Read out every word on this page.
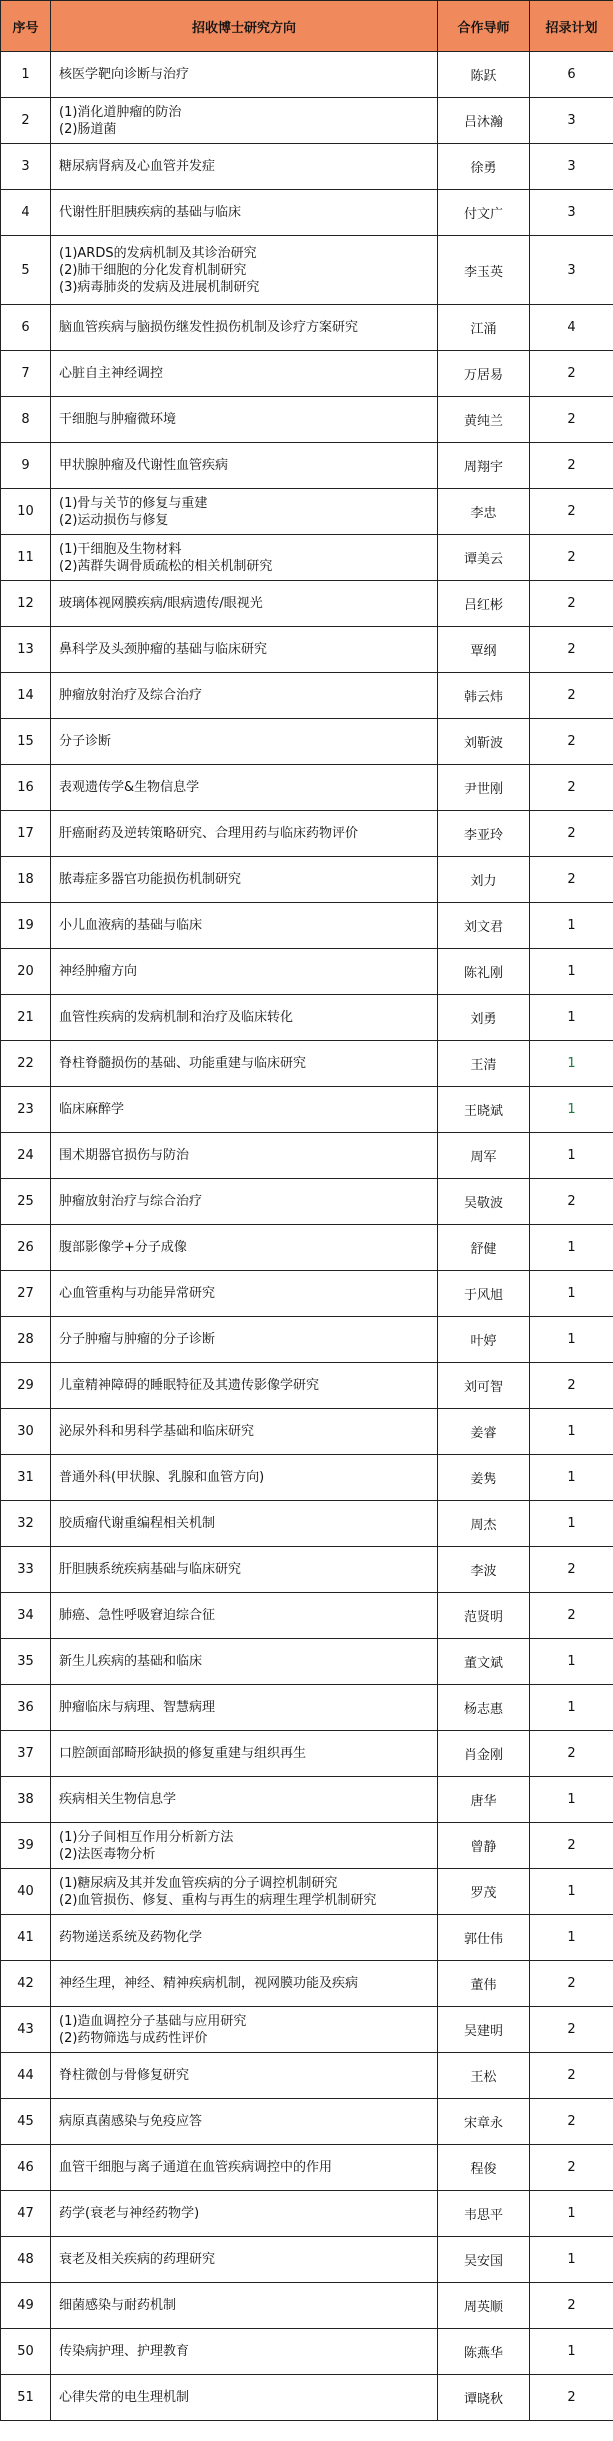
序号	招收博士研究方向	合作导师	招录计划
1	核医学靶向诊断与治疗	陈跃	6
2	(1)消化道肿瘤的防治
(2)肠道菌	吕沐瀚	3
3	糖尿病肾病及心血管并发症	徐勇	3
4	代谢性肝胆胰疾病的基础与临床	付文广	3
5	(1)ARDS的发病机制及其诊治研究
(2)肺干细胞的分化发育机制研究
(3)病毒肺炎的发病及进展机制研究	李玉英	3
6	脑血管疾病与脑损伤继发性损伤机制及诊疗方案研究	江涌	4
7	心脏自主神经调控	万居易	2
8	干细胞与肿瘤微环境	黄纯兰	2
9	甲状腺肿瘤及代谢性血管疾病	周翔宇	2
10	(1)骨与关节的修复与重建
(2)运动损伤与修复	李忠	2
11	(1)干细胞及生物材料
(2)茜群失调骨质疏松的相关机制研究	谭美云	2
12	玻璃体视网膜疾病/眼病遗传/眼视光	吕红彬	2
13	鼻科学及头颈肿瘤的基础与临床研究	覃纲	2
14	肿瘤放射治疗及综合治疗	韩云炜	2
15	分子诊断	刘靳波	2
16	表观遗传学&生物信息学	尹世刚	2
17	肝癌耐药及逆转策略研究、合理用药与临床药物评价	李亚玲	2
18	脓毒症多器官功能损伤机制研究	刘力	2
19	小儿血液病的基础与临床	刘文君	1
20	神经肿瘤方向	陈礼刚	1
21	血管性疾病的发病机制和治疗及临床转化	刘勇	1
22	脊柱脊髓损伤的基础、功能重建与临床研究	王清	1
23	临床麻醉学	王晓斌	1
24	围术期器官损伤与防治	周军	1
25	肿瘤放射治疗与综合治疗	吴敬波	2
26	腹部影像学+分子成像	舒健	1
27	心血管重构与功能异常研究	于风旭	1
28	分子肿瘤与肿瘤的分子诊断	叶婷	1
29	儿童精神障碍的睡眠特征及其遗传影像学研究	刘可智	2
30	泌尿外科和男科学基础和临床研究	姜睿	1
31	普通外科(甲状腺、乳腺和血管方向)	姜隽	1
32	胶质瘤代谢重编程相关机制	周杰	1
33	肝胆胰系统疾病基础与临床研究	李波	2
34	肺癌、急性呼吸窘迫综合征	范贤明	2
35	新生儿疾病的基础和临床	董文斌	1
36	肿瘤临床与病理、智慧病理	杨志惠	1
37	口腔颌面部畸形缺损的修复重建与组织再生	肖金刚	2
38	疾病相关生物信息学	唐华	1
39	(1)分子间相互作用分析新方法
(2)法医毒物分析	曾静	2
40	(1)糖尿病及其并发血管疾病的分子调控机制研究
(2)血管损伤、修复、重构与再生的病理生理学机制研究	罗茂	1
41	药物递送系统及药物化学	郭仕伟	1
42	神经生理，神经、精神疾病机制，视网膜功能及疾病	董伟	2
43	(1)造血调控分子基础与应用研究
(2)药物筛选与成药性评价	吴建明	2
44	脊柱微创与骨修复研究	王松	2
45	病原真菌感染与免疫应答	宋章永	2
46	血管干细胞与离子通道在血管疾病调控中的作用	程俊	2
47	药学(衰老与神经药物学)	韦思平	1
48	衰老及相关疾病的药理研究	吴安国	1
49	细菌感染与耐药机制	周英顺	2
50	传染病护理、护理教育	陈燕华	1
51	心律失常的电生理机制	谭晓秋	2
